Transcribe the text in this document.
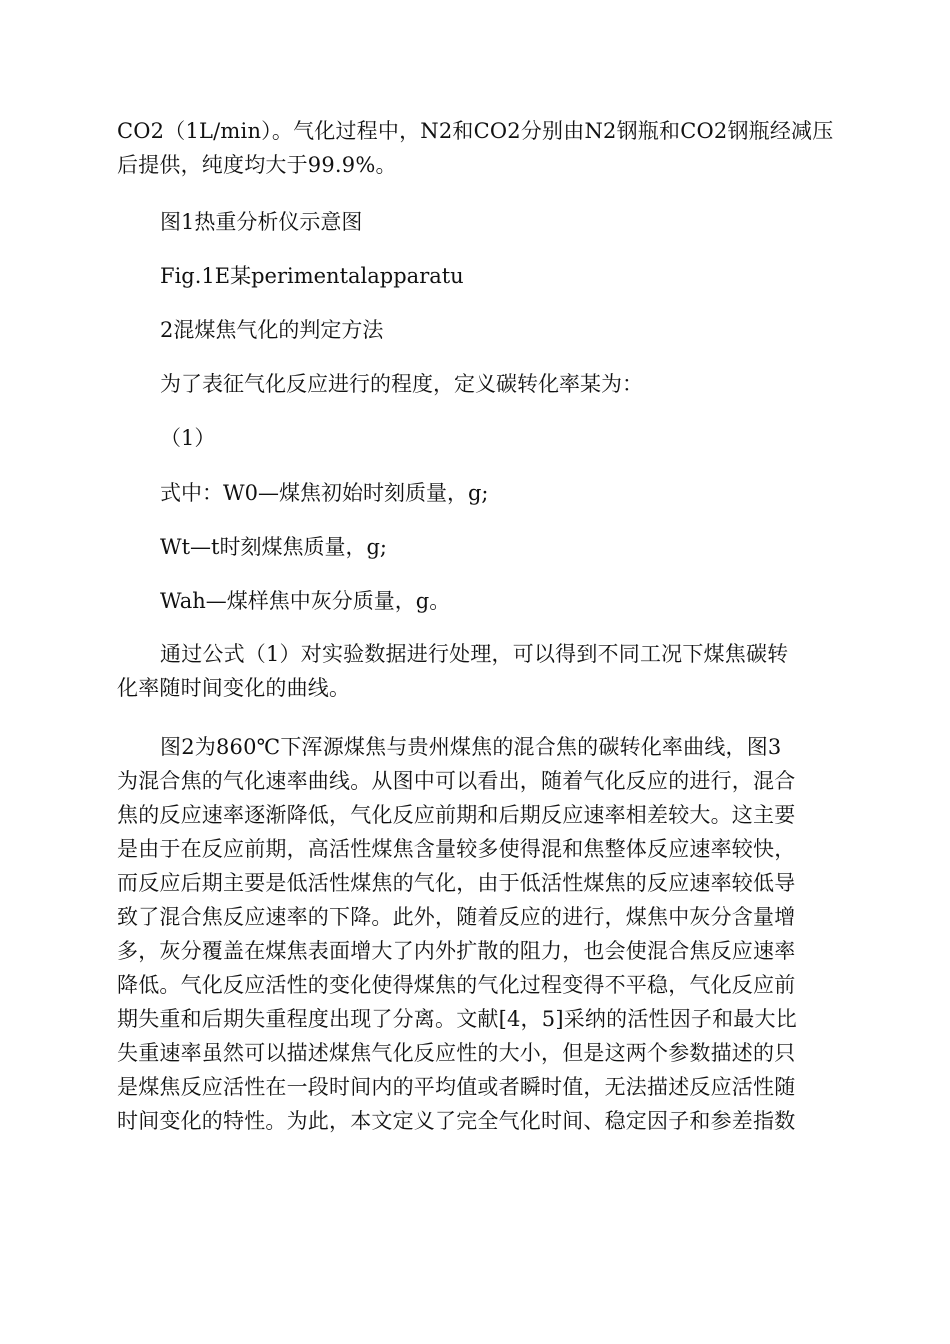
CO2（1L/min）。气化过程中，N2和CO2分别由N2钢瓶和CO2钢瓶经减压
后提供，纯度均大于99.9%。
图1热重分析仪示意图
Fig.1E某perimentalapparatu
2混煤焦气化的判定方法
为了表征气化反应进行的程度，定义碳转化率某为：
（1）
式中：W0—煤焦初始时刻质量，g;
Wt—t时刻煤焦质量，g;
Wah—煤样焦中灰分质量，g。
通过公式（1）对实验数据进行处理，可以得到不同工况下煤焦碳转
化率随时间变化的曲线。
图2为860℃下浑源煤焦与贵州煤焦的混合焦的碳转化率曲线，图3
为混合焦的气化速率曲线。从图中可以看出，随着气化反应的进行，混合
焦的反应速率逐渐降低，气化反应前期和后期反应速率相差较大。这主要
是由于在反应前期，高活性煤焦含量较多使得混和焦整体反应速率较快，
而反应后期主要是低活性煤焦的气化，由于低活性煤焦的反应速率较低导
致了混合焦反应速率的下降。此外，随着反应的进行，煤焦中灰分含量增
多，灰分覆盖在煤焦表面增大了内外扩散的阻力，也会使混合焦反应速率
降低。气化反应活性的变化使得煤焦的气化过程变得不平稳，气化反应前
期失重和后期失重程度出现了分离。文献[4，5]采纳的活性因子和最大比
失重速率虽然可以描述煤焦气化反应性的大小，但是这两个参数描述的只
是煤焦反应活性在一段时间内的平均值或者瞬时值，无法描述反应活性随
时间变化的特性。为此，本文定义了完全气化时间、稳定因子和参差指数
